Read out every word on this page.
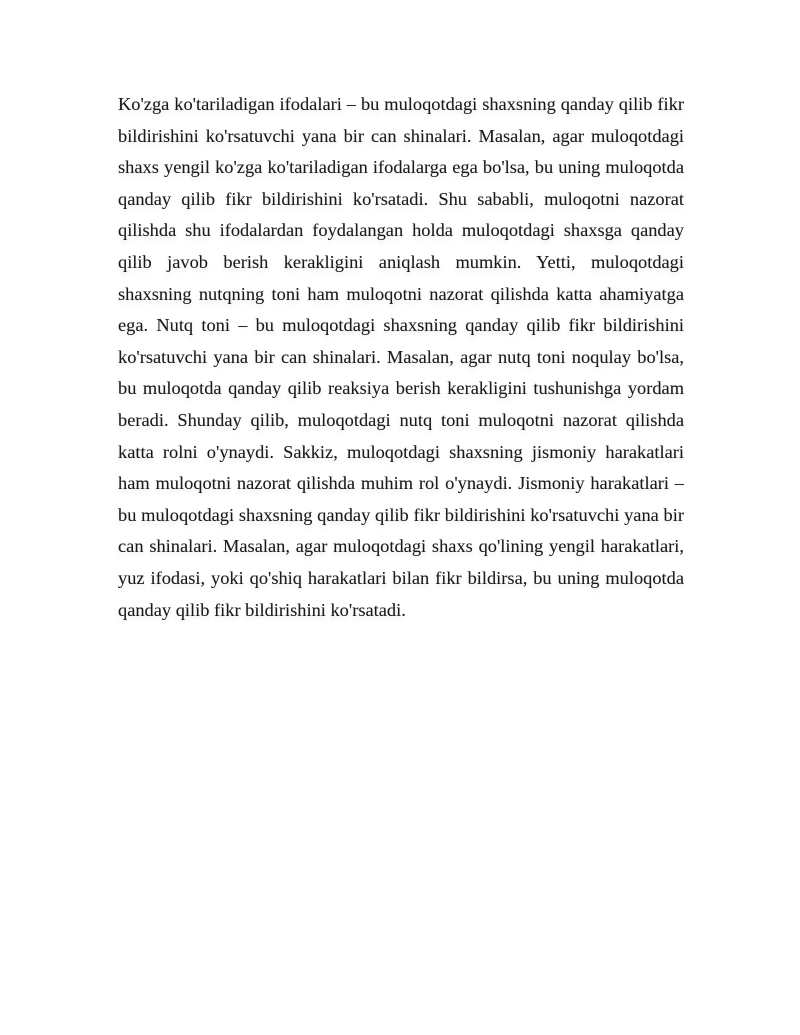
Ko'zga ko'tariladigan ifodalari – bu muloqotdagi shaxsning qanday qilib fikr
bildirishini ko'rsatuvchi yana bir can shinalari. Masalan, agar muloqotdagi
shaxs yengil ko'zga ko'tariladigan ifodalarga ega bo'lsa, bu uning muloqotda
qanday qilib fikr bildirishini ko'rsatadi. Shu sababli, muloqotni nazorat
qilishda shu ifodalardan foydalangan holda muloqotdagi shaxsga qanday
qilib javob berish kerakligini aniqlash mumkin. Yetti, muloqotdagi
shaxsning nutqning toni ham muloqotni nazorat qilishda katta ahamiyatga
ega. Nutq toni – bu muloqotdagi shaxsning qanday qilib fikr bildirishini
ko'rsatuvchi yana bir can shinalari. Masalan, agar nutq toni noqulay bo'lsa,
bu muloqotda qanday qilib reaksiya berish kerakligini tushunishga yordam
beradi. Shunday qilib, muloqotdagi nutq toni muloqotni nazorat qilishda
katta rolni o'ynaydi. Sakkiz, muloqotdagi shaxsning jismoniy harakatlari
ham muloqotni nazorat qilishda muhim rol o'ynaydi. Jismoniy harakatlari –
bu muloqotdagi shaxsning qanday qilib fikr bildirishini ko'rsatuvchi yana bir
can shinalari. Masalan, agar muloqotdagi shaxs qo'lining yengil harakatlari,
yuz ifodasi, yoki qo'shiq harakatlari bilan fikr bildirsa, bu uning muloqotda
qanday qilib fikr bildirishini ko'rsatadi.
